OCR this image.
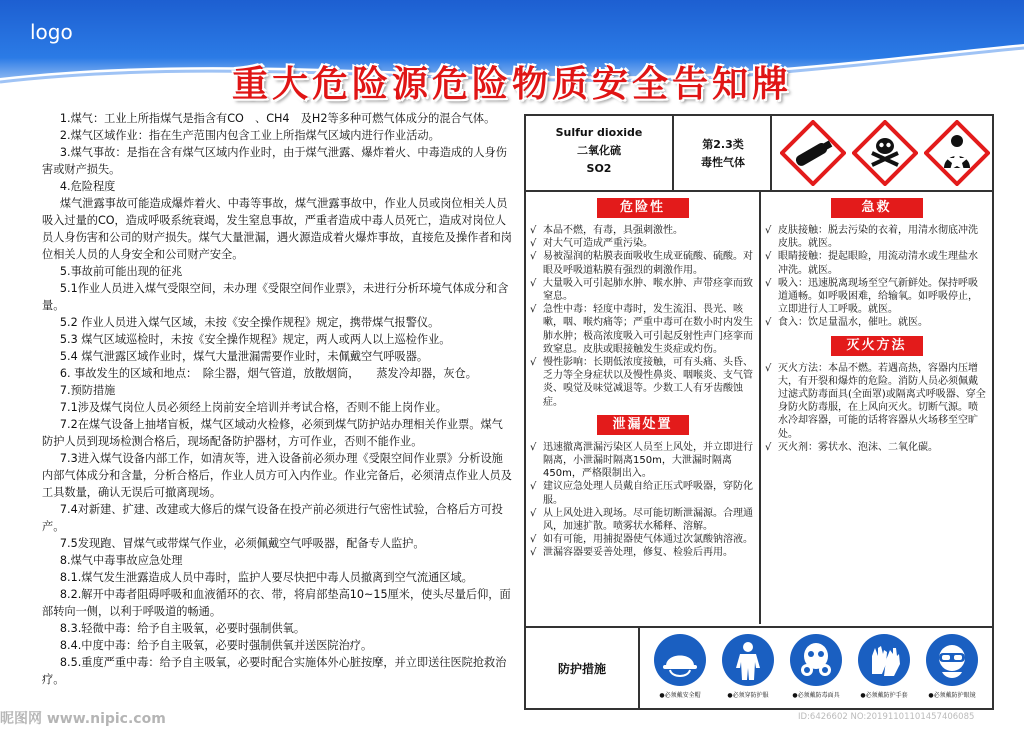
logo
重大危险源危险物质安全告知牌

1.煤气：工业上所指煤气是指含有CO　、CH4　及H2等多种可燃气体成分的混合气体。

2.煤气区域作业：指在生产范围内包含工业上所指煤气区域内进行作业活动。

3.煤气事故：是指在含有煤气区域内作业时，由于煤气泄露、爆炸着火、中毒造成的人身伤害或财产损失。

4.危险程度

煤气泄露事故可能造成爆炸着火、中毒等事故，煤气泄露事故中，作业人员或岗位相关人员吸入过量的CO，造成呼吸系统衰竭，发生窒息事故，严重者造成中毒人员死亡，造成对岗位人员人身伤害和公司的财产损失。煤气大量泄漏，遇火源造成着火爆炸事故，直接危及操作者和岗位相关人员的人身安全和公司财产安全。

5.事故前可能出现的征兆

5.1作业人员进入煤气受限空间，未办理《受限空间作业票》，未进行分析环境气体成分和含量。

5.2 作业人员进入煤气区域，未按《安全操作规程》规定，携带煤气报警仪。

5.3 煤气区域巡检时，未按《安全操作规程》规定，两人或两人以上巡检作业。

5.4 煤气泄露区域作业时，煤气大量泄漏需要作业时，未佩戴空气呼吸器。

6. 事故发生的区域和地点：　除尘器，烟气管道，放散烟筒，　　蒸发冷却器，灰仓。

7.预防措施

7.1涉及煤气岗位人员必须经上岗前安全培训并考试合格，否则不能上岗作业。

7.2在煤气设备上抽堵盲板，煤气区域动火检修，必须到煤气防护站办理相关作业票。煤气防护人员到现场检测合格后，现场配备防护器材，方可作业，否则不能作业。

7.3进入煤气设备内部工作，如清灰等，进入设备前必须办理《受限空间作业票》分析设施内部气体成分和含量，分析合格后，作业人员方可入内作业。作业完备后，必须清点作业人员及工具数量，确认无误后可撤离现场。

7.4对新建、扩建、改建或大修后的煤气设备在投产前必须进行气密性试验，合格后方可投产。

7.5发现跑、冒煤气或带煤气作业，必须佩戴空气呼吸器，配备专人监护。

8.煤气中毒事故应急处理

8.1.煤气发生泄露造成人员中毒时，监护人要尽快把中毒人员撤离到空气流通区域。

8.2.解开中毒者阻碍呼吸和血液循环的衣、带，将肩部垫高10~15厘米，使头尽量后仰，面部转向一侧，以利于呼吸道的畅通。

8.3.轻微中毒：给予自主吸氧，必要时强制供氧。

8.4.中度中毒：给予自主吸氧，必要时强制供氧并送医院治疗。

8.5.重度严重中毒：给予自主吸氧，必要时配合实施体外心脏按摩，并立即送往医院抢救治疗。

Sulfur dioxide
二氧化硫
SO2
第2.3类
毒性气体
危险性
√ 本品不燃，有毒，具强刺激性。
√ 对大气可造成严重污染。
√ 易被湿润的粘膜表面吸收生成亚硫酸、硫酸。对眼及呼吸道粘膜有强烈的刺激作用。
√ 大量吸入可引起肺水肿、喉水肿、声带痉挛而致窒息。
√ 急性中毒：轻度中毒时，发生流泪、畏光、咳嗽，咽、喉灼痛等；严重中毒可在数小时内发生肺水肿；极高浓度吸入可引起反射性声门痉挛而致窒息。皮肤或眼接触发生炎症或灼伤。
√ 慢性影响：长期低浓度接触，可有头痛、头昏、乏力等全身症状以及慢性鼻炎、咽喉炎、支气管炎、嗅觉及味觉减退等。少数工人有牙齿酸蚀症。
泄漏处置
√ 迅速撤离泄漏污染区人员至上风处，并立即进行隔离，小泄漏时隔离150m，大泄漏时隔离450m，严格限制出入。
√ 建议应急处理人员戴自给正压式呼吸器，穿防化服。
√ 从上风处进入现场。尽可能切断泄漏源。合理通风，加速扩散。喷雾状水稀释、溶解。
√ 如有可能，用捕捉器使气体通过次氯酸钠溶液。
√ 泄漏容器要妥善处理，修复、检验后再用。
急救
√ 皮肤接触：脱去污染的衣着，用清水彻底冲洗皮肤。就医。
√ 眼睛接触：提起眼睑，用流动清水或生理盐水冲洗。就医。
√ 吸入：迅速脱离现场至空气新鲜处。保持呼吸道通畅。如呼吸困难，给输氧。如呼吸停止，立即进行人工呼吸。就医。
√ 食入：饮足量温水，催吐。就医。
灭火方法
√ 灭火方法：本品不燃。若遇高热，容器内压增大，有开裂和爆炸的危险。消防人员必须佩戴过滤式防毒面具(全面罩)或隔离式呼吸器、穿全身防火防毒服，在上风向灭火。切断气源。喷水冷却容器，可能的话将容器从火场移至空旷处。
√ 灭火剂：雾状水、泡沫、二氧化碳。
防护措施
● 必须戴安全帽	● 必须穿防护服	● 必须戴防毒面具	● 必须戴防护手套	● 必须戴防护眼镜
昵图网 www.nipic.com	ID:6426602 NO:20191101101457406085
